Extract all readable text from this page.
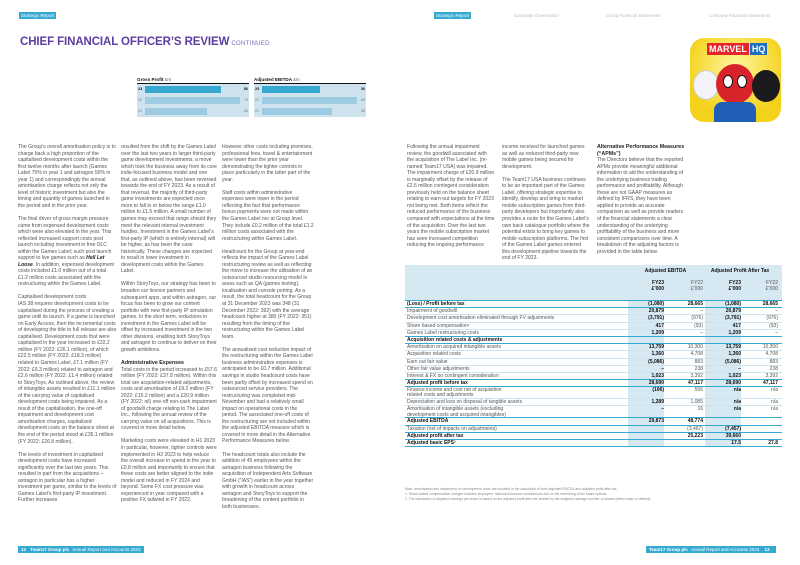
Strategic Report	Strategic Report	Corporate Governance	Group Financial Statements	Company Financial Statements
CHIEF FINANCIAL OFFICER’S REVIEW CONTINUED
Gross Profit £m
23	56
22	70
21	46
Adjusted EBITDA £m
23	30
22	49
21	36

The Group’s overall amortisation policy is to charge back a high proportion of the capitalised development costs within the first twelve months after launch (Games Label 70% in year 1 and astragon 50% in year 1) and correspondingly the annual amortisation charge reflects not only the level of historic investment but also the timing and quantity of games launched in the period and in the prior year.

The final driver of gross margin pressure came from expensed development costs which were also elevated in the year. This reflected increased support costs post launch including investment in free DLC within the Games Label; such post launch support to live games such as Hell Let Loose. In addition, expensed development costs included £1.0 million out of a total £1.2 million costs associated with the restructuring within the Games Label.

Capitalised development costs

IAS 38 requires development costs to be capitalised during the process of creating a game until its launch. If a game is launched on Early Access, then the incremental costs of developing the title to full release are also capitalised. Development costs that were capitalised in the year increased to £32.2 million (FY 2022: £26.1 million), of which £22.5 million (FY 2022: £18.3 million) related to Games Label, £7.1 million (FY 2022: £6.3 million) related to astragon and £2.6 million (FY 2022: £1.4 million) related to StoryToys. As outlined above, the review of intangible assets resulted in £11.1 million of the carrying value of capitalised development costs being impaired. As a result of the capitalisation, the one-off impairment and development cost amortisation charges, capitalised development costs on the balance sheet at the end of the period stood at £35.1 million (FY 2022: £26.8 million).

The levels of investment in capitalised development costs have increased significantly over the last two years. This resulted in part from the acquisitions – astragon in particular has a higher investment per game, similar to the levels of Games Label’s first-party IP investment. Further increases

resulted from the shift by the Games Label over the last two years to larger third-party game development investments, a move which took the business away from its core indie-focused business model and one that, as outlined above, has been reversed towards the end of FY 2023. As a result of that reversal, the majority of third-party game investments are expected once more to fall in or below the range £1.0 million to £1.5 million. A small number of games may exceed that range should they meet the relevant internal investment hurdles. Investment in the Games Label’s first-party IP (which is entirely internal) will be higher, as has been the case historically. These changes are expected to result in lower investment in development costs within the Games Label.

Within StoryToys, our strategy has been to broaden our licence partners and subsequent apps, and within astragon, our focus has been to grow our content portfolio with new first-party IP simulation games. In the short term, reductions in investment in the Games Label will be offset by increased investment in the two other divisions, enabling both StoryToys and astragon to continue to deliver on their growth ambitions.

Administrative Expenses

Total costs in the period increased to £57.6 million (FY 2022: £37.8 million). Within this total are acquisition-related adjustments, costs and amortisation of £9.2 million (FY 2022: £15.2 million) and a £20.9 million (FY 2022: nil) one-off non-cash impairment of goodwill charge relating to The Label Inc., following the annual review of the carrying value on all acquisitions. This is covered in more detail below.

Marketing costs were elevated in H1 2023 in particular, however, tighter controls were implemented in H2 2023 to help reduce the overall increase in spend in the year to £0.8 million and importantly to ensure that these costs are better aligned to the indie model and reduced in FY 2024 and beyond. Some FX cost pressure was experienced in year compared with a positive FX tailwind in FY 2022.

However other costs including premises, professional fees, travel & entertainment were lower than the prior year demonstrating the tighter controls in place particularly in the latter part of the year.

Staff costs within administrative expenses were lower in the period reflecting the fact that performance bonus payments were not made within the Games Label nor at Group level. They include £0.2 million of the total £1.2 million costs associated with the restructuring within Games Label.

Headcount for the Group at year-end reflects the impact of the Games Label restructuring review as well as reflecting the move to increase the utilisation of an outsourced studio resourcing model in areas such as QA (games testing), localisation and console porting. As a result, the total headcount for the Group at 31 December 2023 was 348 (31 December 2022: 392) with the average headcount higher at 380 (FY 2022: 351) resulting from the timing of the restructuring within the Games Label team.

The annualised cost reduction impact of the restructuring within the Games Label business administrative expenses is anticipated to be £0.7 million. Additional savings in studio headcount costs have been partly offset by increased spend on outsourced service providers. The restructuring was completed mid-November and had a relatively small impact on operational costs in the period. The associated one-off costs of the restructuring are not included within the adjusted EBITDA measure which is covered in more detail in the Alternative Performance Measures below.

The headcount totals also include the addition of 45 employees within the astragon business following the acquisition of Independent Arts Software GmbH (“IAS”) earlier in the year together with growth in headcount across astragon and StoryToys to support the broadening of the content portfolio in both businesses.

Following the annual impairment review, the goodwill associated with the acquisition of The Label Inc. (re-named Team17 USA) was impaired. The impairment charge of £20.9 million is marginally offset by the release of £2.6 million contingent consideration previously held on the balance sheet relating to earn-out targets for FY 2023 not being met. Both items reflect the reduced performance of the business compared with expectations at the time of the acquisition. Over the last two years the mobile subscription market has seen increased competition reducing the ongoing performance

income received for launched games as well as reduced third-party new mobile games being secured for development.

The Team17 USA business continues to be an important part of the Games Label, offering strategic expertise to identify, develop and bring to market mobile subscription games from third-party developers but importantly also provides a route for the Games Label’s own back catalogue portfolio where the potential exists to bring key games to mobile subscription platforms. The first of the Games Label games entered this development pipeline towards the end of FY 2023.

Alternative Performance Measures (“APMs”)

The Directors believe that the reported APMs provide meaningful additional information to aid the understanding of the underlying business trading performance and profitability. Although these are not GAAP measures as defined by IFRS, they have been applied to provide an accurate comparison as well as provide readers of the financial statements a clear understanding of the underlying profitability of the business and more consistent comparisons over time. A breakdown of the adjusting factors is provided in the table below.

MARVEL HQ
Adjusted EBITDA	Adjusted Profit After Tax
FY23
£’000
FY22
£’000
FY23
£’000
FY22
£’000
(Loss) / Profit before tax	(1,080)	28,665	(1,080)	28,665
Impairment of goodwill	20,879	–	20,879	–
Development cost amortisation eliminated through FV adjustments	(3,791)	(976)	(3,791)	(976)
Share based compensation¹	417	(93)	417	(93)
Games Label restructuring costs	1,209	–	1,209	–
Acquisition related costs & adjustments
Amortisation on acquired intangible assets	13,759	10,300	13,759	10,300
Acquisition related costs	1,360	4,708	1,360	4,708
Earn out fair value	(5,086)	883	(5,086)	883
Other fair value adjustments	–	238	–	238
Interest & FX on contingent consideration	1,023	3,392	1,023	3,392
Adjusted profit before tax	28,690	47,117	28,690	47,117
Finance income and cost net of acquisition
related costs and adjustments
(106)	556	n/a	n/a
Depreciation and loss on disposal of tangible assets	1,289	1,085	n/a	n/a
Amortisation of intangible assets (excluding
development costs and acquired intangibles)
–	16	n/a	n/a
Adjusted EBITDA	29,873	48,774
Taxation (net of impacts on adjustments)	(3,467)	(7,457)
Adjusted profit after tax	25,223	39,660
Adjusted basic EPS²	17.5	27.8
Note: amortisation and impairment on development costs are included in the calculation of both adjusted EBITDA and adjusted profit after tax.
1. Share-based compensation charges includes employers’ national insurance contributions due on the exercising of the share options.
2. The calculation of adjusted earnings per share is based on the adjusted profit after tax divided by the weighted average number of shares (either basic or diluted).
12 Team17 Group plc Annual Report and Accounts 2023	Team17 Group plc Annual Report and Accounts 2023 13
